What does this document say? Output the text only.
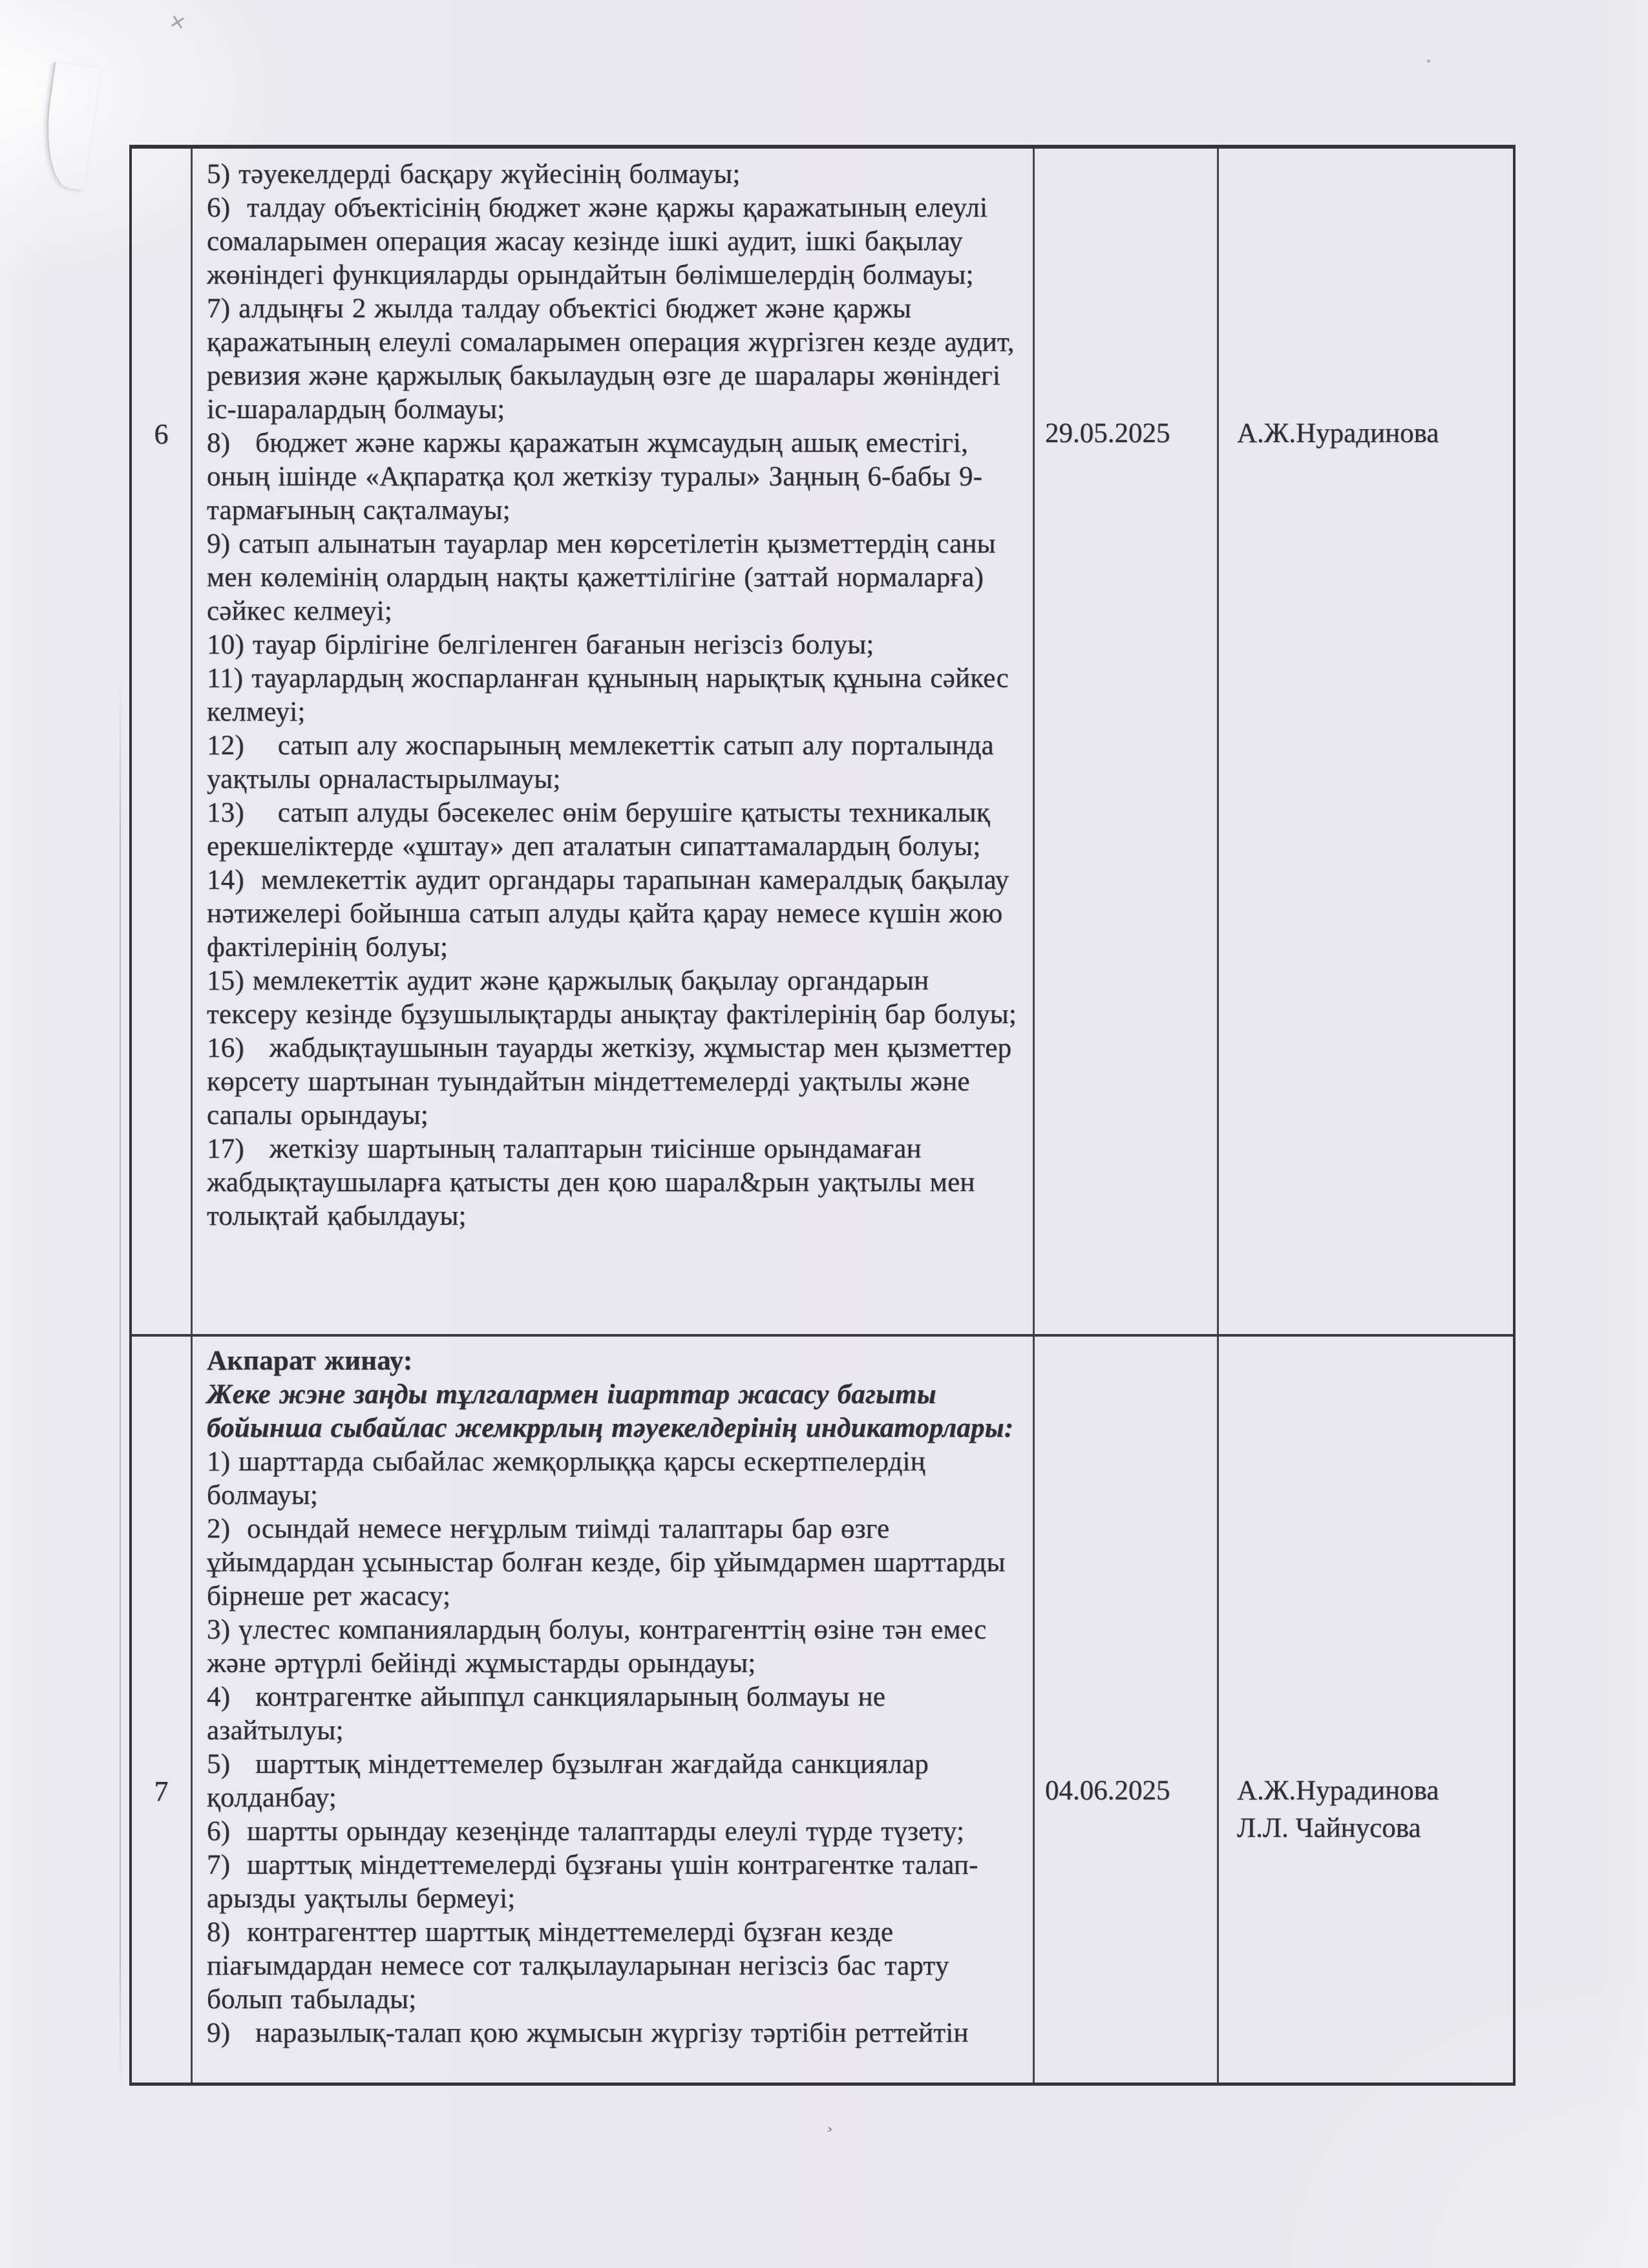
✕
¸
6

5) тәуекелдерді басқару жүйесінің болмауы;

6)  талдау объектісінің бюджет және қаржы қаражатының елеулі сомаларымен операция жасау кезінде ішкі аудит, ішкі бақылау жөніндегі функцияларды орындайтын бөлімшелердің болмауы;

7) алдыңғы 2 жылда талдау объектісі бюджет және қаржы қаражатының елеулі сомаларымен операция жүргізген кезде аудит, ревизия және қаржылық бакылаудың өзге де шаралары жөніндегі іс-шаралардың болмауы;

8)   бюджет және каржы қаражатын жұмсаудың ашық еместігі, оның ішінде «Ақпаратқа қол жеткізу туралы» Заңның 6-бабы 9-тармағының сақталмауы;

9) сатып алынатын тауарлар мен көрсетілетін қызметтердің саны мен көлемінің олардың нақты қажеттілігіне (заттай нормаларға) сәйкес келмеуі;

10) тауар бірлігіне белгіленген бағанын негізсіз болуы;

11) тауарлардың жоспарланған құнының нарықтық құнына сәйкес келмеуі;

12)    сатып алу жоспарының мемлекеттік сатып алу порталында уақтылы орналастырылмауы;

13)    сатып алуды бәсекелес өнім берушіге қатысты техникалық ерекшеліктерде «ұштау» деп аталатын сипаттамалардың болуы;

14)  мемлекеттік аудит органдары тарапынан камералдық бақылау нәтижелері бойынша сатып алуды қайта қарау немесе күшін жою фактілерінің болуы;

15) мемлекеттік аудит және қаржылық бақылау органдарын тексеру кезінде бұзушылықтарды анықтау фактілерінің бар болуы;

16)   жабдықтаушынын тауарды жеткізу, жұмыстар мен қызметтер көрсету шартынан туындайтын міндеттемелерді уақтылы және сапалы орындауы;

17)   жеткізу шартының талаптарын тиісінше орындамаған жабдықтаушыларға қатысты ден қою шарал&рын уақтылы мен толықтай қабылдауы;

29.05.2025	А.Ж.Нурадинова

7

Акпарат жинау:

Жеке жэне заңды тұлгалармен іиарттар жасасу багыты бойынша сыбайлас жемкррлың тәуекелдерінің индикаторлары:

1) шарттарда сыбайлас жемқорлыққа қарсы ескертпелердің болмауы;

2)  осындай немесе неғұрлым тиімді талаптары бар өзге ұйымдардан ұсыныстар болған кезде, бір ұйымдармен шарттарды бірнеше рет жасасу;

3) үлестес компаниялардың болуы, контрагенттің өзіне тән емес және әртүрлі бейінді жұмыстарды орындауы;

4)   контрагентке айыппұл санкцияларының болмауы не азайтылуы;

5)   шарттық міндеттемелер бұзылған жағдайда санкциялар қолданбау;

6)  шартты орындау кезеңінде талаптарды елеулі түрде түзету;

7)  шарттық міндеттемелерді бұзғаны үшін контрагентке талап-арызды уақтылы бермеуі;

8)  контрагенттер шарттық міндеттемелерді бұзған кезде піағымдардан немесе сот талқылауларынан негізсіз бас тарту болып табылады;

9)   наразылық-талап қою жұмысын жүргізу тәртібін реттейтін

04.06.2025	А.Ж.Нурадинова

Л.Л. Чайнусова
